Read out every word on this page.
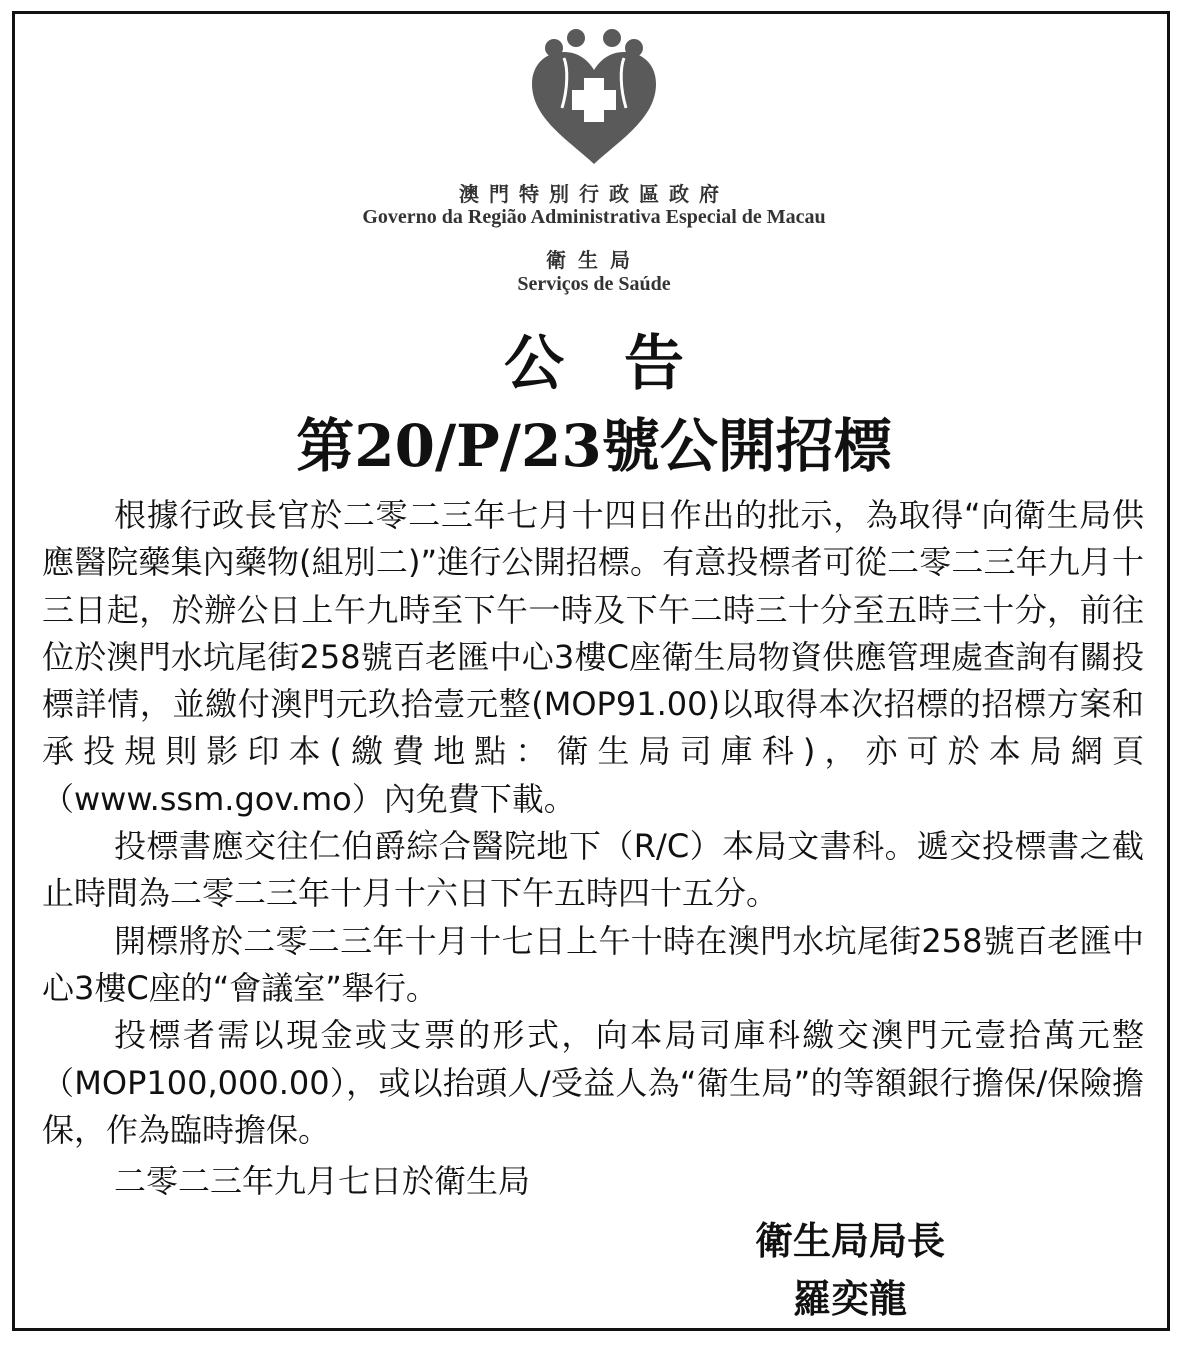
澳門特別行政區政府
Governo da Região Administrativa Especial de Macau
衛生局
Serviços de Saúde
公告
第20/P/23號公開招標

根據行政長官於二零二三年七月十四日作出的批示，為取得“向衛生局供應醫院藥集內藥物(組別二)”進行公開招標。有意投標者可從二零二三年九月十三日起，於辦公日上午九時至下午一時及下午二時三十分至五時三十分，前往位於澳門水坑尾街258號百老匯中心3樓C座衛生局物資供應管理處查詢有關投標詳情，並繳付澳門元玖拾壹元整(MOP91.00)以取得本次招標的招標方案和承投規則影印本(繳費地點：衛生局司庫科)，亦可於本局網頁（www.ssm.gov.mo）內免費下載。

投標書應交往仁伯爵綜合醫院地下（R/C）本局文書科。遞交投標書之截止時間為二零二三年十月十六日下午五時四十五分。

開標將於二零二三年十月十七日上午十時在澳門水坑尾街258號百老匯中心3樓C座的“會議室”舉行。

投標者需以現金或支票的形式，向本局司庫科繳交澳門元壹拾萬元整（MOP100,000.00），或以抬頭人/受益人為“衛生局”的等額銀行擔保/保險擔保，作為臨時擔保。

二零二三年九月七日於衛生局
衛生局局長
羅奕龍
